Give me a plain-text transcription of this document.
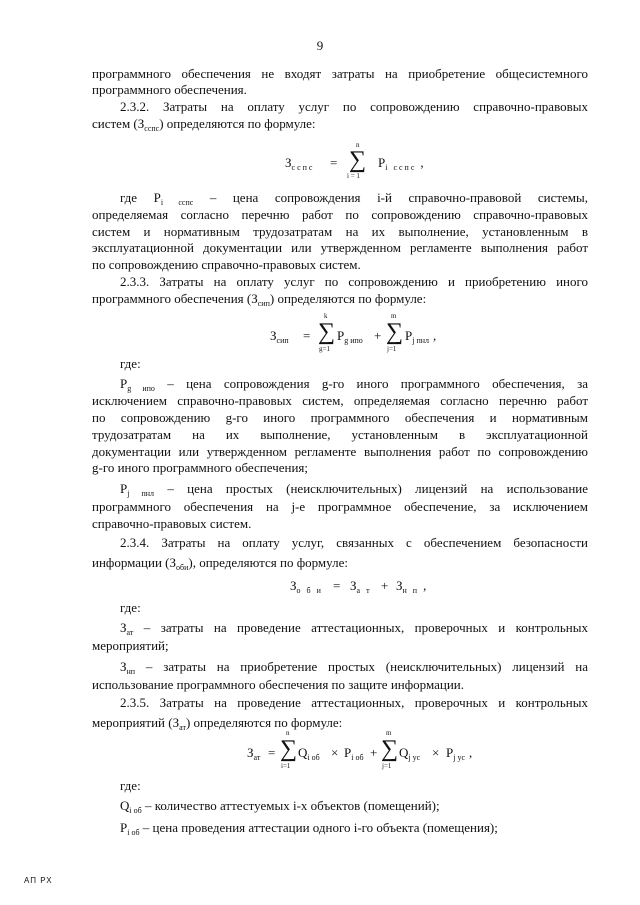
9
программного обеспечения не входят затраты на приобретение общесистемного
программного обеспечения.
2.3.2. Затраты на оплату услуг по сопровождению справочно-правовых
систем $(З_{сспс})$ определяются по формуле:
$З_{сспс}$ =
n
∑
i = 1
$P_{i сспс}$ ,
где $P_{i сспс}$ – цена сопровождения i-й справочно-правовой системы,
определяемая согласно перечню работ по сопровождению справочно-правовых
систем и нормативным трудозатратам на их выполнение, установленным в
эксплуатационной документации или утвержденном регламенте выполнения работ
по сопровождению справочно-правовых систем.
2.3.3. Затраты на оплату услуг по сопровождению и приобретению иного
программного обеспечения $(З_{сип})$ определяются по формуле:
$З_{сип}$ =
k
∑
g=1
$P_{g ипо}$ +
m
∑
j=1
$P_{j пнл}$ ,
где:
$P_{g ипо}$ – цена сопровождения g-го иного программного обеспечения, за
исключением справочно-правовых систем, определяемая согласно перечню работ
по сопровождению g-го иного программного обеспечения и нормативным
трудозатратам на их выполнение, установленным в эксплуатационной
документации или утвержденном регламенте выполнения работ по сопровождению
g-го иного программного обеспечения;
$P_{j пнл}$ – цена простых (неисключительных) лицензий на использование
программного обеспечения на j-е программное обеспечение, за исключением
справочно-правовых систем.
2.3.4. Затраты на оплату услуг, связанных с обеспечением безопасности
информации $(З_{оби})$, определяются по формуле:
$З_{о б и} = З_{а т} + З_{н п}$ ,
где:
$З_{ат}$ – затраты на проведение аттестационных, проверочных и контрольных
мероприятий;
$З_{нп}$ – затраты на приобретение простых (неисключительных) лицензий на
использование программного обеспечения по защите информации.
2.3.5. Затраты на проведение аттестационных, проверочных и контрольных
мероприятий $(З_{ат})$ определяются по формуле:
$З_{ат}$ =
n
∑
i=1
$Q_{i об} \times P_{i об}$ +
m
∑
j=1
$Q_{j ус} \times P_{j ус}$ ,
где:
$Q_{i об}$ – количество аттестуемых i-х объектов (помещений);
$P_{i об}$ – цена проведения аттестации одного i-го объекта (помещения);
АП РХ
